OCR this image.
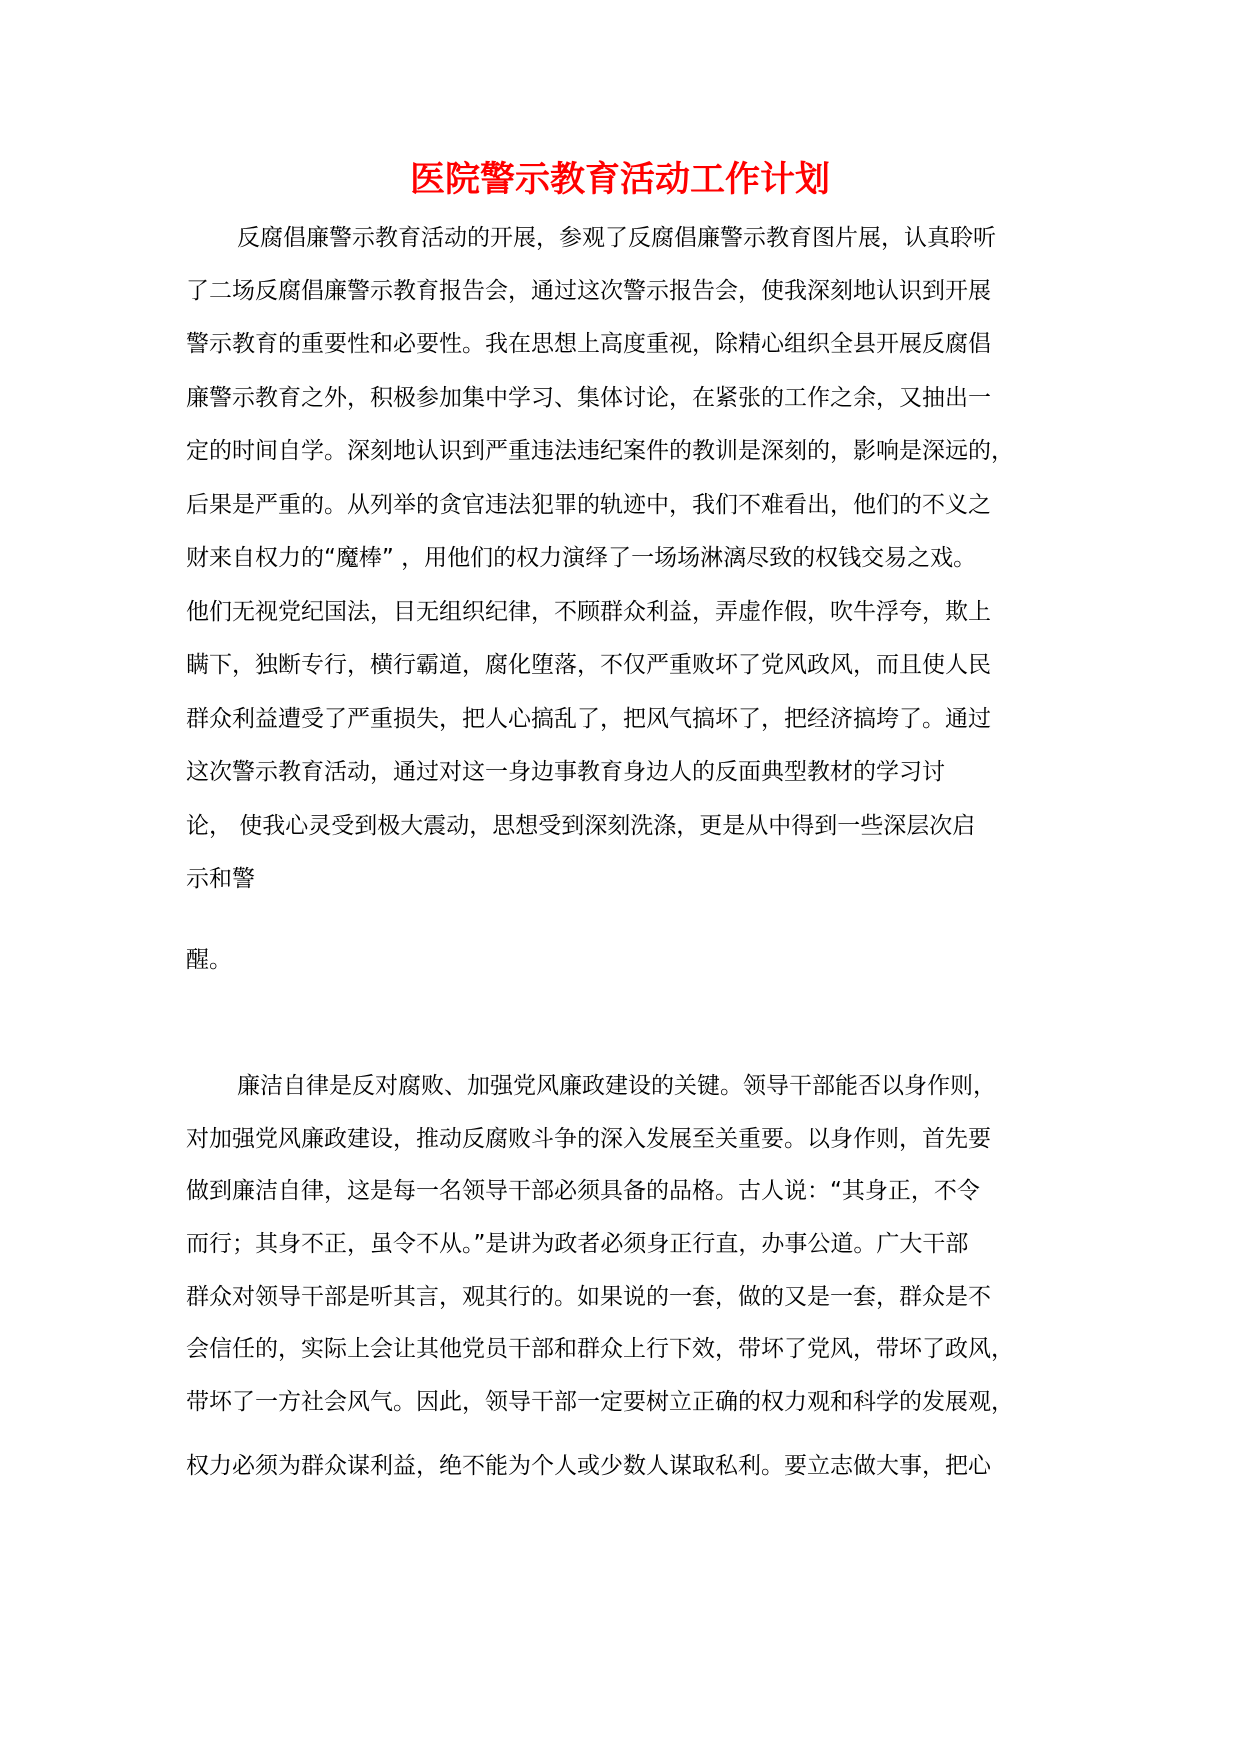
医院警示教育活动工作计划

反腐倡廉警示教育活动的开展，参观了反腐倡廉警示教育图片展，认真聆听

了二场反腐倡廉警示教育报告会，通过这次警示报告会，使我深刻地认识到开展

警示教育的重要性和必要性。我在思想上高度重视，除精心组织全县开展反腐倡

廉警示教育之外，积极参加集中学习、集体讨论，在紧张的工作之余，又抽出一

定的时间自学。深刻地认识到严重违法违纪案件的教训是深刻的，影响是深远的，

后果是严重的。从列举的贪官违法犯罪的轨迹中，我们不难看出，他们的不义之

财来自权力的“魔棒” ，用他们的权力演绎了一场场淋漓尽致的权钱交易之戏。

他们无视党纪国法，目无组织纪律，不顾群众利益，弄虚作假，吹牛浮夸，欺上

瞒下，独断专行，横行霸道，腐化堕落，不仅严重败坏了党风政风，而且使人民

群众利益遭受了严重损失，把人心搞乱了，把风气搞坏了，把经济搞垮了。通过

这次警示教育活动，通过对这一身边事教育身边人的反面典型教材的学习讨

论， 使我心灵受到极大震动，思想受到深刻洗涤，更是从中得到一些深层次启

示和警

醒。

廉洁自律是反对腐败、加强党风廉政建设的关键。领导干部能否以身作则，

对加强党风廉政建设，推动反腐败斗争的深入发展至关重要。以身作则，首先要

做到廉洁自律，这是每一名领导干部必须具备的品格。古人说：“其身正，不令

而行；其身不正，虽令不从。”是讲为政者必须身正行直，办事公道。广大干部

群众对领导干部是听其言，观其行的。如果说的一套，做的又是一套，群众是不

会信任的，实际上会让其他党员干部和群众上行下效，带坏了党风，带坏了政风，

带坏了一方社会风气。因此，领导干部一定要树立正确的权力观和科学的发展观，

权力必须为群众谋利益，绝不能为个人或少数人谋取私利。要立志做大事，把心
